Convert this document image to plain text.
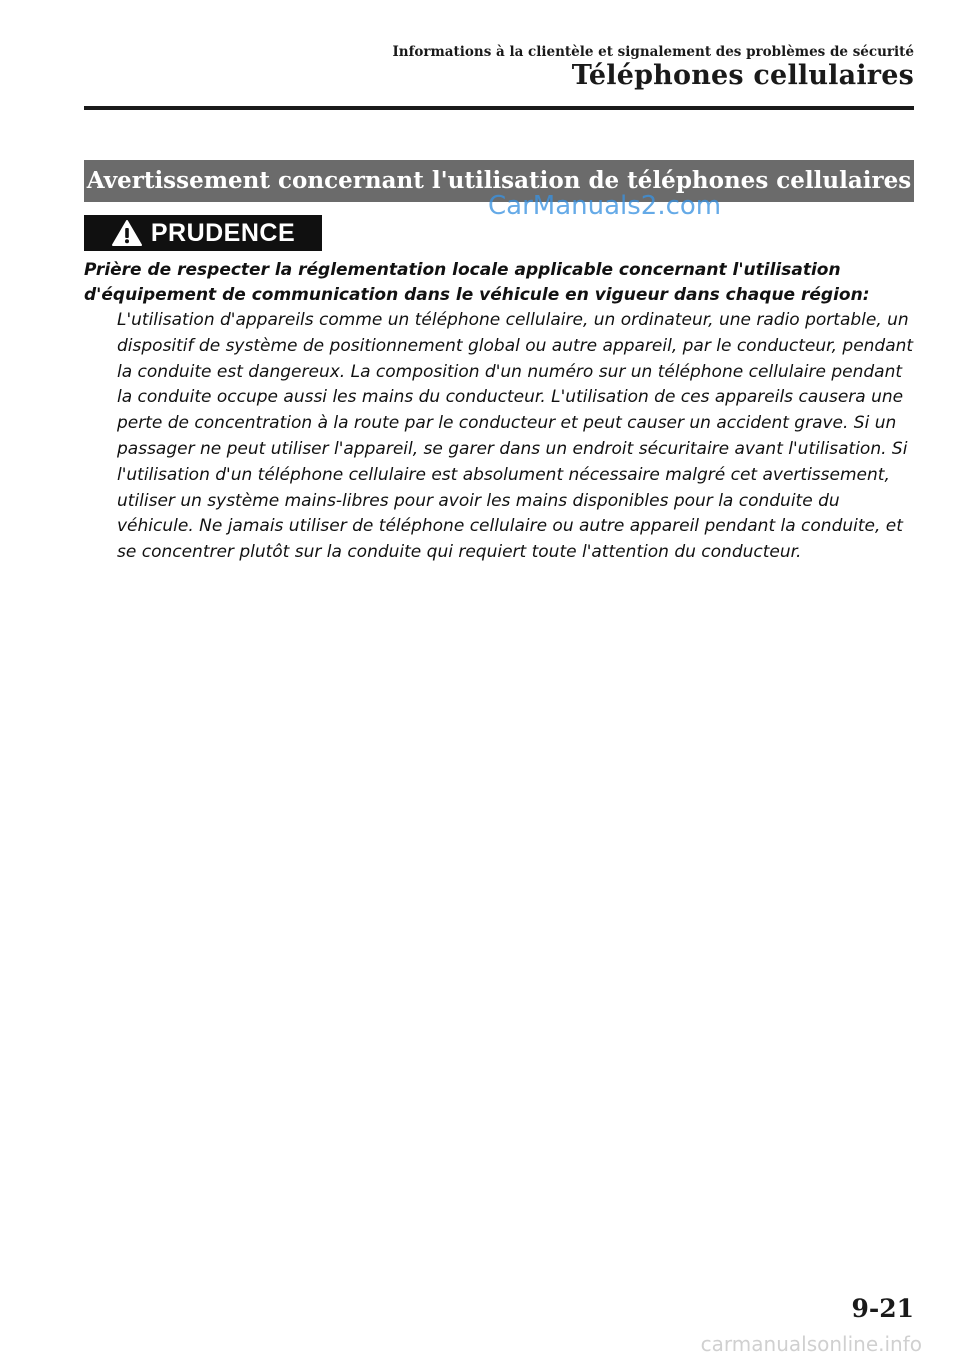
Informations à la clientèle et signalement des problèmes de sécurité
Téléphones cellulaires
Avertissement concernant l'utilisation de téléphones cellulaires
CarManuals2.com
PRUDENCE

Prière de respecter la réglementation locale applicable concernant l'utilisation d'équipement de communication dans le véhicule en vigueur dans chaque région:

L'utilisation d'appareils comme un téléphone cellulaire, un ordinateur, une radio portable, un dispositif de système de positionnement global ou autre appareil, par le conducteur, pendant la conduite est dangereux. La composition d'un numéro sur un téléphone cellulaire pendant la conduite occupe aussi les mains du conducteur. L'utilisation de ces appareils causera une perte de concentration à la route par le conducteur et peut causer un accident grave. Si un passager ne peut utiliser l'appareil, se garer dans un endroit sécuritaire avant l'utilisation. Si l'utilisation d'un téléphone cellulaire est absolument nécessaire malgré cet avertissement, utiliser un système mains-libres pour avoir les mains disponibles pour la conduite du véhicule. Ne jamais utiliser de téléphone cellulaire ou autre appareil pendant la conduite, et se concentrer plutôt sur la conduite qui requiert toute l'attention du conducteur.

9-21
carmanualsonline.info
